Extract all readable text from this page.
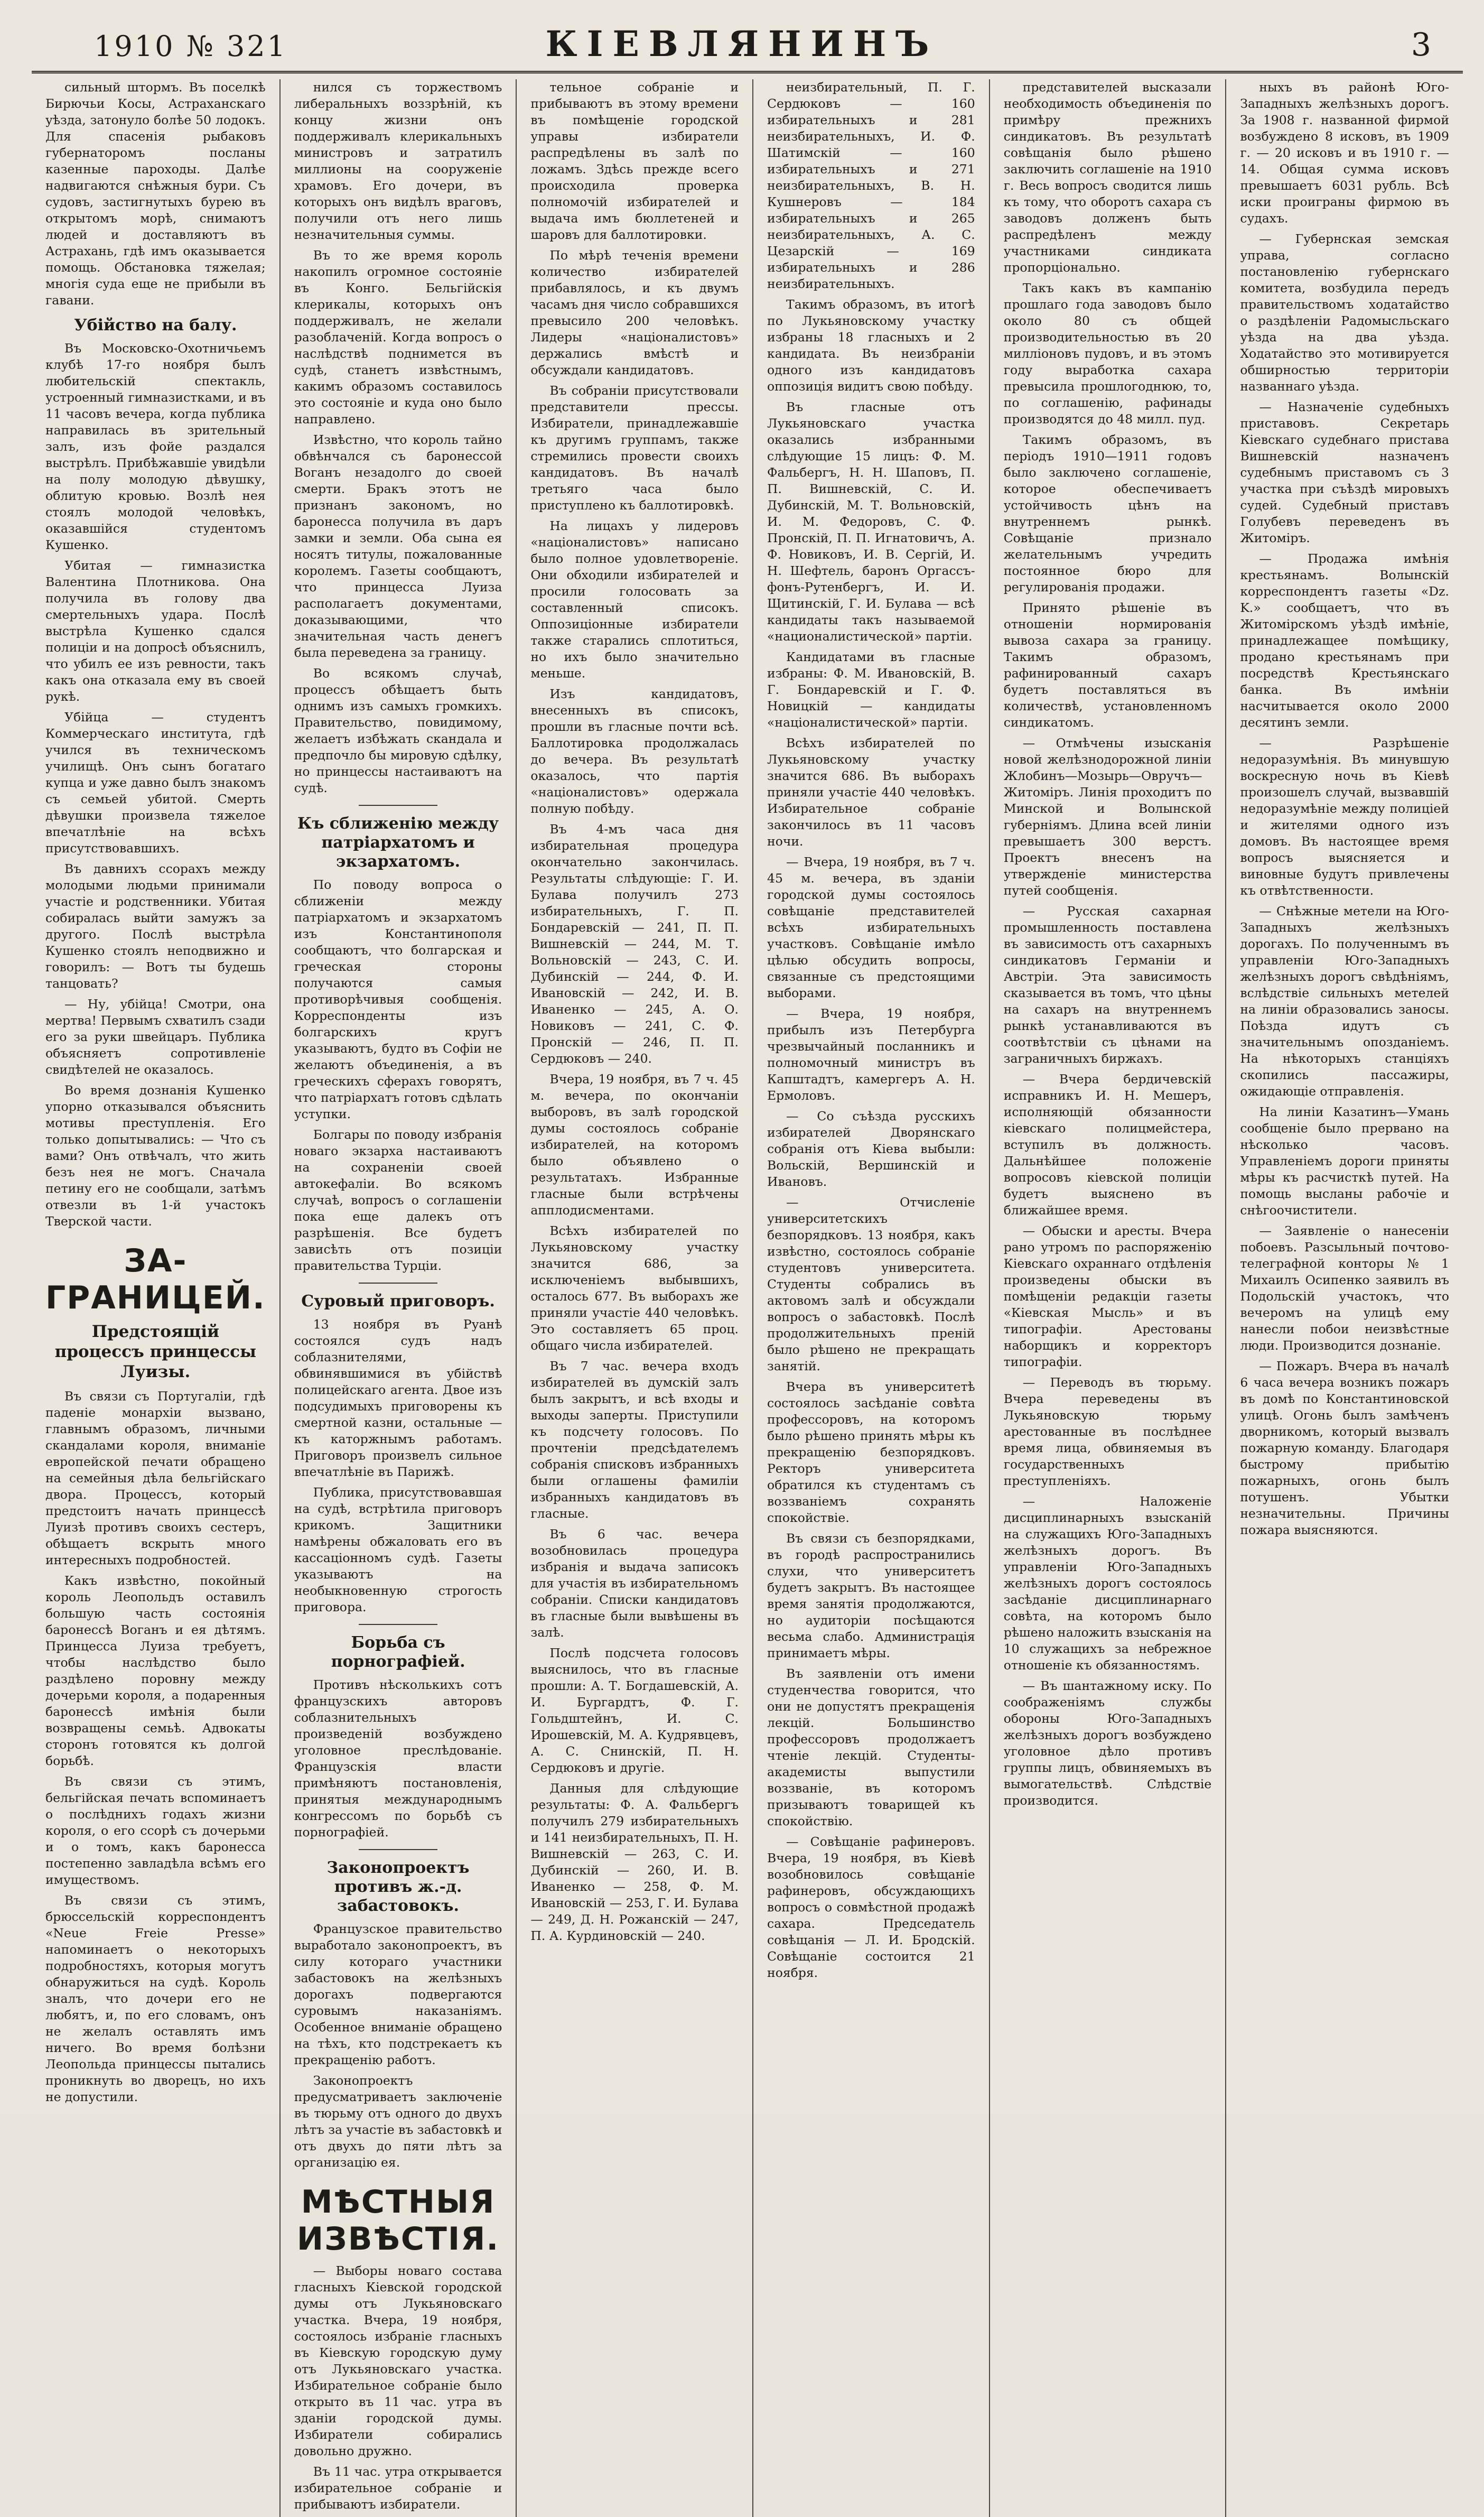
1910 № 321	КІЕВЛЯНИНЪ	3

сильный штормъ. Въ поселкѣ Бирючьи Косы, Астраханскаго уѣзда, затонуло болѣе 50 лодокъ. Для спасенія рыбаковъ губернаторомъ посланы казенные пароходы. Далѣе надвигаются снѣжныя бури. Съ судовъ, застигнутыхъ бурею въ открытомъ морѣ, снимаютъ людей и доставляютъ въ Астрахань, гдѣ имъ оказывается помощь. Обстановка тяжелая; многія суда еще не прибыли въ гавани.

Убійство на балу.

Въ Московско-Охотничьемъ клубѣ 17-го ноября былъ любительскій спектакль, устроенный гимназистками, и въ 11 часовъ вечера, когда публика направилась въ зрительный залъ, изъ фойе раздался выстрѣлъ. Прибѣжавшіе увидѣли на полу молодую дѣвушку, облитую кровью. Возлѣ нея стоялъ молодой человѣкъ, оказавшійся студентомъ Кушенко.

Убитая — гимназистка Валентина Плотникова. Она получила въ голову два смертельныхъ удара. Послѣ выстрѣла Кушенко сдался полиціи и на допросѣ объяснилъ, что убилъ ее изъ ревности, такъ какъ она отказала ему въ своей рукѣ.

Убійца — студентъ Коммерческаго института, гдѣ учился въ техническомъ училищѣ. Онъ сынъ богатаго купца и уже давно былъ знакомъ съ семьей убитой. Смерть дѣвушки произвела тяжелое впечатлѣніе на всѣхъ присутствовавшихъ.

Въ давнихъ ссорахъ между молодыми людьми принимали участіе и родственники. Убитая собиралась выйти замужъ за другого. Послѣ выстрѣла Кушенко стоялъ неподвижно и говорилъ: — Вотъ ты будешь танцовать?

— Ну, убійца! Смотри, она мертва! Первымъ схватилъ сзади его за руки швейцаръ. Публика объясняетъ сопротивленіе свидѣтелей не оказалось.

Во время дознанія Кушенко упорно отказывался объяснить мотивы преступленія. Его только допытывались: — Что съ вами? Онъ отвѣчалъ, что жить безъ нея не могъ. Сначала петину его не сообщали, затѣмъ отвезли въ 1-й участокъ Тверской части.

ЗА-ГРАНИЦЕЙ.

Предстоящій процессъ принцессы Луизы.

Въ связи съ Португаліи, гдѣ паденіе монархіи вызвано, главнымъ образомъ, личными скандалами короля, вниманіе европейской печати обращено на семейныя дѣла бельгійскаго двора. Процессъ, который предстоитъ начать принцессѣ Луизѣ противъ своихъ сестеръ, обѣщаетъ вскрыть много интересныхъ подробностей.

Какъ извѣстно, покойный король Леопольдъ оставилъ большую часть состоянія баронессѣ Воганъ и ея дѣтямъ. Принцесса Луиза требуетъ, чтобы наслѣдство было раздѣлено поровну между дочерьми короля, а подаренныя баронессѣ имѣнія были возвращены семьѣ. Адвокаты сторонъ готовятся къ долгой борьбѣ.

Въ связи съ этимъ, бельгійская печать вспоминаетъ о послѣднихъ годахъ жизни короля, о его ссорѣ съ дочерьми и о томъ, какъ баронесса постепенно завладѣла всѣмъ его имуществомъ.

Въ связи съ этимъ, брюссельскій корреспондентъ «Neue Freie Presse» напоминаетъ о некоторыхъ подробностяхъ, которыя могутъ обнаружиться на судѣ. Король зналъ, что дочери его не любятъ, и, по его словамъ, онъ не желалъ оставлять имъ ничего. Во время болѣзни Леопольда принцессы пытались проникнуть во дворецъ, но ихъ не допустили.

нился съ торжествомъ либеральныхъ воззрѣній, къ концу жизни онъ поддерживалъ клерикальныхъ министровъ и затратилъ миллионы на сооруженіе храмовъ. Его дочери, въ которыхъ онъ видѣлъ враговъ, получили отъ него лишь незначительныя суммы.

Въ то же время король накопилъ огромное состояніе въ Конго. Бельгійскія клерикалы, которыхъ онъ поддерживалъ, не желали разоблаченій. Когда вопросъ о наслѣдствѣ поднимется въ судѣ, станетъ извѣстнымъ, какимъ образомъ составилось это состояніе и куда оно было направлено.

Извѣстно, что король тайно обвѣнчался съ баронессой Воганъ незадолго до своей смерти. Бракъ этотъ не признанъ закономъ, но баронесса получила въ даръ замки и земли. Оба сына ея носятъ титулы, пожалованные королемъ. Газеты сообщаютъ, что принцесса Луиза располагаетъ документами, доказывающими, что значительная часть денегъ была переведена за границу.

Во всякомъ случаѣ, процессъ обѣщаетъ быть однимъ изъ самыхъ громкихъ. Правительство, повидимому, желаетъ избѣжать скандала и предпочло бы мировую сдѣлку, но принцессы настаиваютъ на судѣ.

Къ сближенію между патріархатомъ и экзархатомъ.

По поводу вопроса о сближеніи между патріархатомъ и экзархатомъ изъ Константинополя сообщаютъ, что болгарская и греческая стороны получаются самыя противорѣчивыя сообщенія. Корреспонденты изъ болгарскихъ кругъ указываютъ, будто въ Софіи не желаютъ объединенія, а въ греческихъ сферахъ говорятъ, что патріархатъ готовъ сдѣлать уступки.

Болгары по поводу избранія новаго экзарха настаиваютъ на сохраненіи своей автокефаліи. Во всякомъ случаѣ, вопросъ о соглашеніи пока еще далекъ отъ разрѣшенія. Все будетъ зависѣть отъ позиціи правительства Турціи.

Суровый приговоръ.

13 ноября въ Руанѣ состоялся судъ надъ соблазнителями, обвинявшимися въ убійствѣ полицейскаго агента. Двое изъ подсудимыхъ приговорены къ смертной казни, остальные — къ каторжнымъ работамъ. Приговоръ произвелъ сильное впечатлѣніе въ Парижѣ.

Публика, присутствовавшая на судѣ, встрѣтила приговоръ крикомъ. Защитники намѣрены обжаловать его въ кассаціонномъ судѣ. Газеты указываютъ на необыкновенную строгость приговора.

Борьба съ порнографіей.

Противъ нѣсколькихъ сотъ французскихъ авторовъ соблазнительныхъ произведеній возбуждено уголовное преслѣдованіе. Французскія власти примѣняютъ постановленія, принятыя международнымъ конгрессомъ по борьбѣ съ порнографіей.

Законопроектъ противъ ж.-д. забастовокъ.

Французское правительство выработало законопроектъ, въ силу котораго участники забастовокъ на желѣзныхъ дорогахъ подвергаются суровымъ наказаніямъ. Особенное вниманіе обращено на тѣхъ, кто подстрекаетъ къ прекращенію работъ.

Законопроектъ предусматриваетъ заключеніе въ тюрьму отъ одного до двухъ лѣтъ за участіе въ забастовкѣ и отъ двухъ до пяти лѣтъ за организацію ея.

МѢСТНЫЯ ИЗВѢСТІЯ.

— Выборы новаго состава гласныхъ Кіевской городской думы отъ Лукьяновскаго участка. Вчера, 19 ноября, состоялось избраніе гласныхъ въ Кіевскую городскую думу отъ Лукьяновскаго участка. Избирательное собраніе было открыто въ 11 час. утра въ зданіи городской думы. Избиратели собирались довольно дружно.

Въ 11 час. утра открывается избирательное собраніе и прибываютъ избиратели.

тельное собраніе и прибываютъ въ этому времени въ помѣщеніе городской управы избиратели распредѣлены въ залѣ по ложамъ. Здѣсь прежде всего происходила проверка полномочій избирателей и выдача имъ бюллетеней и шаровъ для баллотировки.

По мѣрѣ теченія времени количество избирателей прибавлялось, и къ двумъ часамъ дня число собравшихся превысило 200 человѣкъ. Лидеры «націоналистовъ» держались вмѣстѣ и обсуждали кандидатовъ.

Въ собраніи присутствовали представители прессы. Избиратели, принадлежавшіе къ другимъ группамъ, также стремились провести своихъ кандидатовъ. Въ началѣ третьяго часа было приступлено къ баллотировкѣ.

На лицахъ у лидеровъ «націоналистовъ» написано было полное удовлетвореніе. Они обходили избирателей и просили голосовать за составленный списокъ. Оппозиціонные избиратели также старались сплотиться, но ихъ было значительно меньше.

Изъ кандидатовъ, внесенныхъ въ списокъ, прошли въ гласные почти всѣ. Баллотировка продолжалась до вечера. Въ результатѣ оказалось, что партія «націоналистовъ» одержала полную побѣду.

Въ 4-мъ часа дня избирательная процедура окончательно закончилась. Результаты слѣдующіе: Г. И. Булава получилъ 273 избирательныхъ, Г. П. Бондаревскій — 241, П. П. Вишневскій — 244, М. Т. Вольновскій — 243, С. И. Дубинскій — 244, Ф. И. Ивановскій — 242, И. В. Иваненко — 245, А. О. Новиковъ — 241, С. Ф. Пронскій — 246, П. П. Сердюковъ — 240.

Вчера, 19 ноября, въ 7 ч. 45 м. вечера, по окончаніи выборовъ, въ залѣ городской думы состоялось собраніе избирателей, на которомъ было объявлено о результатахъ. Избранные гласные были встрѣчены апплодисментами.

Всѣхъ избирателей по Лукьяновскому участку значится 686, за исключеніемъ выбывшихъ, осталось 677. Въ выборахъ же приняли участіе 440 человѣкъ. Это составляетъ 65 проц. общаго числа избирателей.

Въ 7 час. вечера входъ избирателей въ думскій залъ былъ закрытъ, и всѣ входы и выходы заперты. Приступили къ подсчету голосовъ. По прочтеніи предсѣдателемъ собранія списковъ избранныхъ были оглашены фамиліи избранныхъ кандидатовъ въ гласные.

Въ 6 час. вечера возобновилась процедура избранія и выдача записокъ для участія въ избирательномъ собраніи. Списки кандидатовъ въ гласные были вывѣшены въ залѣ.

Послѣ подсчета голосовъ выяснилось, что въ гласные прошли: А. Т. Богдашевскій, А. И. Бургардтъ, Ф. Г. Гольдштейнъ, И. С. Ирошевскій, М. А. Кудрявцевъ, А. С. Снинскій, П. Н. Сердюковъ и другіе.

Данныя для слѣдующие результаты: Ф. А. Фальбергъ получилъ 279 избирательныхъ и 141 неизбирательныхъ, П. Н. Вишневскій — 263, С. И. Дубинскій — 260, И. В. Иваненко — 258, Ф. М. Ивановскій — 253, Г. И. Булава — 249, Д. Н. Рожанскій — 247, П. А. Курдиновскій — 240.

неизбирательный, П. Г. Сердюковъ — 160 избирательныхъ и 281 неизбирательныхъ, И. Ф. Шатимскій — 160 избирательныхъ и 271 неизбирательныхъ, В. Н. Кушнеровъ — 184 избирательныхъ и 265 неизбирательныхъ, А. С. Цезарскій — 169 избирательныхъ и 286 неизбирательныхъ.

Такимъ образомъ, въ итогѣ по Лукьяновскому участку избраны 18 гласныхъ и 2 кандидата. Въ неизбраніи одного изъ кандидатовъ оппозиція видитъ свою побѣду.

Въ гласные отъ Лукьяновскаго участка оказались избранными слѣдующие 15 лицъ: Ф. М. Фальбергъ, Н. Н. Шаповъ, П. П. Вишневскій, С. И. Дубинскій, М. Т. Вольновскій, И. М. Федоровъ, С. Ф. Пронскій, П. П. Игнатовичъ, А. Ф. Новиковъ, И. В. Сергій, И. Н. Шефтель, баронъ Оргассъ-фонъ-Рутенбергъ, И. И. Щитинскій, Г. И. Булава — всѣ кандидаты такъ называемой «националистической» партіи.

Кандидатами въ гласные избраны: Ф. М. Ивановскій, В. Г. Бондаревскій и Г. Ф. Новицкій — кандидаты «націоналистической» партіи.

Всѣхъ избирателей по Лукьяновскому участку значится 686. Въ выборахъ приняли участіе 440 человѣкъ. Избирательное собраніе закончилось въ 11 часовъ ночи.

— Вчера, 19 ноября, въ 7 ч. 45 м. вечера, въ зданіи городской думы состоялось совѣщаніе представителей всѣхъ избирательныхъ участковъ. Совѣщаніе имѣло цѣлью обсудить вопросы, связанные съ предстоящими выборами.

— Вчера, 19 ноября, прибылъ изъ Петербурга чрезвычайный посланникъ и полномочный министръ въ Капштадтъ, камергеръ А. Н. Ермоловъ.

— Со съѣзда русскихъ избирателей Дворянскаго собранія отъ Кіева выбыли: Вольскій, Вершинскій и Ивановъ.

— Отчисленіе университетскихъ безпорядковъ. 13 ноября, какъ извѣстно, состоялось собраніе студентовъ университета. Студенты собрались въ актовомъ залѣ и обсуждали вопросъ о забастовкѣ. Послѣ продолжительныхъ преній было рѣшено не прекращать занятій.

Вчера въ университетѣ состоялось засѣданіе совѣта профессоровъ, на которомъ было рѣшено принять мѣры къ прекращенію безпорядковъ. Ректоръ университета обратился къ студентамъ съ воззваніемъ сохранять спокойствіе.

Въ связи съ безпорядками, въ городѣ распространились слухи, что университетъ будетъ закрытъ. Въ настоящее время занятія продолжаются, но аудиторіи посѣщаются весьма слабо. Администрація принимаетъ мѣры.

Въ заявленіи отъ имени студенчества говорится, что они не допустятъ прекращенія лекцій. Большинство профессоровъ продолжаетъ чтеніе лекцій. Студенты-академисты выпустили воззваніе, въ которомъ призываютъ товарищей къ спокойствію.

— Совѣщаніе рафинеровъ. Вчера, 19 ноября, въ Кіевѣ возобновилось совѣщаніе рафинеровъ, обсуждающихъ вопросъ о совмѣстной продажѣ сахара. Председатель совѣщанія — Л. И. Бродскій. Совѣщаніе состоится 21 ноября.

представителей высказали необходимость объединенія по примѣру прежнихъ синдикатовъ. Въ результатѣ совѣщанія было рѣшено заключить соглашеніе на 1910 г. Весь вопросъ сводится лишь къ тому, что оборотъ сахара съ заводовъ долженъ быть распредѣленъ между участниками синдиката пропорціонально.

Такъ какъ въ кампанію прошлаго года заводовъ было около 80 съ общей производительностью въ 20 милліоновъ пудовъ, и въ этомъ году выработка сахара превысила прошлогоднюю, то, по соглашенію, рафинады производятся до 48 милл. пуд.

Такимъ образомъ, въ періодъ 1910—1911 годовъ было заключено соглашеніе, которое обеспечиваетъ устойчивость цѣнъ на внутреннемъ рынкѣ. Совѣщаніе признало желательнымъ учредить постоянное бюро для регулированія продажи.

Принято рѣшеніе въ отношеніи нормированія вывоза сахара за границу. Такимъ образомъ, рафинированный сахаръ будетъ поставляться въ количествѣ, установленномъ синдикатомъ.

— Отмѣчены изысканія новой желѣзнодорожной линіи Жлобинъ—Мозырь—Овручъ—Житоміръ. Линія проходитъ по Минской и Волынской губерніямъ. Длина всей линіи превышаетъ 300 верстъ. Проектъ внесенъ на утвержденіе министерства путей сообщенія.

— Русская сахарная промышленность поставлена въ зависимость отъ сахарныхъ синдикатовъ Германіи и Австріи. Эта зависимость сказывается въ томъ, что цѣны на сахаръ на внутреннемъ рынкѣ устанавливаются въ соотвѣтствіи съ цѣнами на заграничныхъ биржахъ.

— Вчера бердичевскій исправникъ И. Н. Мешеръ, исполняющій обязанности кіевскаго полицмейстера, вступилъ въ должность. Дальнѣйшее положеніе вопросовъ кіевской полиціи будетъ выяснено въ ближайшее время.

— Обыски и аресты. Вчера рано утромъ по распоряженію Кіевскаго охраннаго отдѣленія произведены обыски въ помѣщеніи редакціи газеты «Кіевская Мысль» и въ типографіи. Арестованы наборщикъ и корректоръ типографіи.

— Переводъ въ тюрьму. Вчера переведены въ Лукьяновскую тюрьму арестованные въ послѣднее время лица, обвиняемыя въ государственныхъ преступленіяхъ.

— Наложеніе дисциплинарныхъ взысканій на служащихъ Юго-Западныхъ желѣзныхъ дорогъ. Въ управленіи Юго-Западныхъ желѣзныхъ дорогъ состоялось засѣданіе дисциплинарнаго совѣта, на которомъ было рѣшено наложить взысканія на 10 служащихъ за небрежное отношеніе къ обязанностямъ.

— Въ шантажному иску. По соображеніямъ службы обороны Юго-Западныхъ желѣзныхъ дорогъ возбуждено уголовное дѣло противъ группы лицъ, обвиняемыхъ въ вымогательствѣ. Слѣдствіе производится.

ныхъ въ районѣ Юго-Западныхъ желѣзныхъ дорогъ. За 1908 г. названной фирмой возбуждено 8 исковъ, въ 1909 г. — 20 исковъ и въ 1910 г. — 14. Общая сумма исковъ превышаетъ 6031 рубль. Всѣ иски проиграны фирмою въ судахъ.

— Губернская земская управа, согласно постановленію губернскаго комитета, возбудила передъ правительствомъ ходатайство о раздѣленіи Радомысльскаго уѣзда на два уѣзда. Ходатайство это мотивируется обширностью территоріи названнаго уѣзда.

— Назначеніе судебныхъ приставовъ. Секретарь Кіевскаго судебнаго пристава Вишневскій назначенъ судебнымъ приставомъ съ 3 участка при съѣздѣ мировыхъ судей. Судебный приставъ Голубевъ переведенъ въ Житоміръ.

— Продажа имѣнія крестьянамъ. Волынскій корреспондентъ газеты «Dz. K.» сообщаетъ, что въ Житомірскомъ уѣздѣ имѣніе, принадлежащее помѣщику, продано крестьянамъ при посредствѣ Крестьянскаго банка. Въ имѣніи насчитывается около 2000 десятинъ земли.

— Разрѣшеніе недоразумѣнія. Въ минувшую воскресную ночь въ Кіевѣ произошелъ случай, вызвавшій недоразумѣніе между полиціей и жителями одного изъ домовъ. Въ настоящее время вопросъ выясняется и виновные будутъ привлечены къ отвѣтственности.

— Снѣжные метели на Юго-Западныхъ желѣзныхъ дорогахъ. По полученнымъ въ управленіи Юго-Западныхъ желѣзныхъ дорогъ свѣдѣніямъ, вслѣдствіе сильныхъ метелей на линіи образовались заносы. Поѣзда идутъ съ значительнымъ опозданіемъ. На нѣкоторыхъ станціяхъ скопились пассажиры, ожидающіе отправленія.

На линіи Казатинъ—Умань сообщеніе было прервано на нѣсколько часовъ. Управленіемъ дороги приняты мѣры къ расчисткѣ путей. На помощь высланы рабочіе и снѣгоочистители.

— Заявленіе о нанесеніи побоевъ. Разсыльный почтово-телеграфной конторы № 1 Михаилъ Осипенко заявилъ въ Подольскій участокъ, что вечеромъ на улицѣ ему нанесли побои неизвѣстные люди. Производится дознаніе.

— Пожаръ. Вчера въ началѣ 6 часа вечера возникъ пожаръ въ домѣ по Константиновской улицѣ. Огонь былъ замѣченъ дворникомъ, который вызвалъ пожарную команду. Благодаря быстрому прибытію пожарныхъ, огонь былъ потушенъ. Убытки незначительны. Причины пожара выясняются.
